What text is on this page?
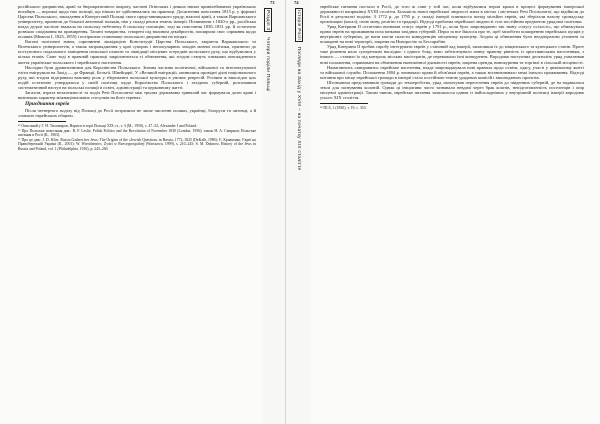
російського дворянства, армії та бюрократичного апарату, частині Огінських і деяких інших привілейованих українських ногайців — ворожої щодо них позиції, що ніколи не здійснювались на практиці. Досягнення повстання 1815 р. у форматі Царства Польського, закладення в Конгресовій Польщі свого представницького уряду, власної армії, а також Варшавського університету, призвели до більшої автономії поляків, ніж у складі решти земель імперії. Починаючи з 1820-х рр., російська влада дедалі частіше зважала на польську небезпеку й польську опозицію, тоді як повстання 1830–1831 рр. й остаточно розвіяло сподівання на примирення. Таємні товариства, створені під впливом декабристів, поширили своє сприяння щодо поляків (Микола I, 1825–1855) і погіршили становище польського дворянства на місцях.

Вагомі політичні зміни, спричинені ліквідацією Конституції Царства Польського, закриття Варшавського та Віленського університетів, а також запровадження у краї суворих і непопулярних заходів мовної політики, призвели до поступового подальшого заміщення польської шляхти та ліквідації місцевих осередків польського руху, що відбувалися у кілька етапів. Саме тоді в правовій практиці закріплюються ті обмеження, які згодом стануть ознаками повсякденного життя українсько-польського і єврейського населення.

Наслідки були драматичними для Королівства Польського. Значна частина політичної, військової та інтелектуальної еліти емігрувала на Захід — до Франції, Бельгії, Швейцарії. У «Великій еміграції» опинилися провідні діячі національного руху, які згодом відігравали важливу роль у збереженні польської культури в умовах репресій. Росіяни ж внаслідок цих подій остаточно утвердилися у своїй політиці щодо Королівства Польського і західних губерній, розпочавши систематичний наступ на польські позиції в освіті, адміністрації та церковному житті.

Загалом, втрата незалежності та поділ Речі Посполитої між трьома державами тривалий час формували долю краю і визначали характер міжнаціональних стосунків на його теренах.

Приєднання євреїв

Після четвертого поділу від Польщі до Росії потрапили не лише численні поляки, українці, білоруси та литовці, а й «чимало єврейських общин».

¹⁵ Описаний у Г. Н. Тихомиров, Нариси історії Польщі XIX ст., т. 3 (М., 1950), с. 47–52; Alexander I and Poland.

¹⁶ Про Польське повстання див.: R. F. Leslie, Polish Politics and the Revolution of November 1830 (London, 1956); також Н. А. Смирнов, Польське питання в Росії (К., 1963).

¹⁷ Про це див.: J. D. Klier, Russia Gathers her Jews: The Origins of the «Jewish Question» in Russia, 1772–1825 (DeKalb, 1986); Є. Кравченко, Євреї на Правобережній Україні (К., 2001); W. Wierzbieniec, Żydzi w Rzeczypospolitej (Warszawa, 1999), s. 210–245; S. M. Dubnow, History of the Jews in Russia and Poland, vol. 1 (Philadelphia, 1916), p. 243–260.

73	74
Розділ 3   Чотири поділи Польщі
Історія Росії   Погляди на Захід у XVIII – на початку XIX століття

єврейське питання постало в Росії, до того ж саме у той час, коли відбувалися перші кроки в процесі формування імперської державності наприкінці XVIII століття. Більшість нової єврейської людності жила в містах і містечках Речі Посполитої, що відійшли до Росії в результаті поділів. З 1772 р. до 1795 р. у складі імперії опинилося понад мільйон євреїв, які зберігали власну громадську організацію (кагал), свою мову, релігію та традиції. Відтоді проблема єврейської людності стає постійним предметом урядової політики.

Уряд Катерини II остаточно визначав статус євреїв у 1791 р., коли було запроваджено так звану «смугу осілості», що обмежувала право євреїв на проживання поза межами західних губерній. Перш за все йшлося про те, щоб запобігти поширенню єврейських купців у внутрішніх губерніях, де вони могли скласти конкуренцію місцевому купецтву. Згодом ці обмеження були неодноразово уточнені та поширені на нові території, зокрема на Новоросію та Бессарабію.

Уряд Катерини II зробив спробу інтегрувати євреїв у становий лад імперії, записавши їх до міщанського та купецького станів. Проте таке рішення мало суперечливі наслідки: з одного боку, воно забезпечувало певну правову рівність із християнським населенням, з іншого — ставило їх під контроль міських магістратів, де переважали їхні конкуренти. Впродовж наступних десятиліть уряд ухвалював нові положення, спрямовані на обмеження економічної діяльності євреїв, зокрема оренди, винокуріння та торгівлі в сільській місцевості.

Намагаючись «виправити» єврейське населення, влада запроваджувала нові правила щодо освіти, одягу, участі у цивільному житті та військової служби. Положення 1804 р. визначало права й обов'язки євреїв, а також встановлювало межі їхнього проживання. Відтоді питання про місце єврейської громади в імперії стало постійною темою урядових комісій і законодавчих проєктів.

Штовхаючи представників громади до землеробства, уряд заохочував переселення євреїв до південних губерній, де їм надавалися землі для заснування колоній. Однак ці ініціативи часто зазнавали невдачі через брак коштів, непідготовленість поселенців і опір місцевої адміністрації. Таким чином, єврейське питання залишалося одним із найскладніших у внутрішній політиці імперії впродовж усього XIX століття.

¹⁸ ПСЗ, 1 (1830), т. 19, с. 353.
